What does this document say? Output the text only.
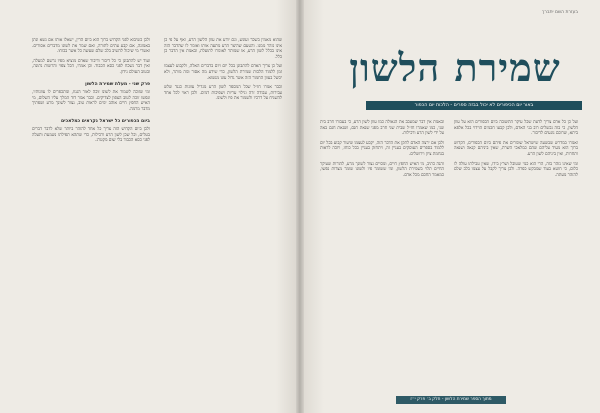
שהוא מאמין בשכר ועונש, וגם יודע את עוון הלשון הרע, ואף על פי כן אינו נזהר ממנו. והטעם שהיצר הרע מתעה אותו ואומר לו שהדבר הזה אינו בכלל לשון הרע, או שמותר לאומרו לתועלת, ובאמת אין הדבר כן כלל.

ועל כן צריך האדם להתבונן בכל יום ויום בדברים האלה, ולקבוע לעצמו זמן ללמוד הלכות שמירת הלשון, כדי שידע מה אסור ומה מותר, ולא יכשל בעוון החמור הזה אשר גדול עונו מנשוא.

וכבר אמרו חז״ל שכל המספר לשון הרע מגדיל עוונות כנגד שלש עבירות, עבודה זרה וגילוי עריות ושפיכות דמים. ולכן ראוי לכל אחד להשגיח על דרכיו ולשמור את פיו ולשונו.

ולכן כשיבוא לפני הקדוש ברוך הוא ביום הדין, ישאלו אותו אם נשא ונתן באמונה, אם קבע עתים לתורה, ואם שמר את לשונו מדברים אסורים. ואשרי מי שיכול להשיב בלב שלם שעשה כל אשר בכוחו.

ועוד יש להתבונן כי כל דיבור ודיבור שאדם מוציא מפיו נרשם למעלה, ואין דבר נשכח לפני כסא הכבוד. וכן אמרו, הכל צפוי והרשות נתונה, ובטוב העולם נידון.

פרק שני - מעלת שמירת הלשון

ומי שזוכה לשמור את לשונו זוכה לאור הגנוז, ומתכפרים לו עוונותיו, ונפשו זוכה לטוב הצפון לצדיקים. וכבר אמר דוד המלך עליו השלום, מי האיש החפץ חיים אוהב ימים לראות טוב, נצור לשונך מרע ושפתיך מדבר מרמה.

ביום הכפורים כל ישראל נקראים כמלאכים

ולכן ביום הקדוש הזה צריך כל אחד להזהר ביותר שלא לדבר דברים בטלים, וכל שכן לשון הרע ורכילות, כדי שתהא תפילתו נשמעת ותעלה לפני כסא הכבוד בלי שום מקטרג.

בעזרת השם יתברך
שמירת הלשון
באור יום הכיפורים לא יכול בבזה ספרים - הלכות יום הכפור

ובאמת אין דבר שמעכב את הגאולה כמו עוון לשון הרע, כי בעבורו חרב בית שני, כמו שאמרו חז״ל שבית שני חרב מפני שנאת חנם, ושנאת חנם באה על ידי לשון הרע ורכילות.

ולכן אם ירצה האדם לתקן את הדבר הזה, יקבע לעצמו שיעור קבוע בכל יום ללמוד בספרים העוסקים בעניין זה, ויתחזק בעניין בכל כוחו, ויזכה לראות בנחמת ציון וירושלים.

והנה כתיב, מי האיש החפץ חיים, ומסיים נצור לשונך מרע, להורות שעיקר החיים תלוי בשמירת הלשון, ומי ששומר פיו ולשונו שומר מצרות נפשו, כמאמר החכם מכל אדם.

ועל כן כל אדם צריך לדעת שכל עיקר התשובה ביום הכפורים הוא על עוון הלשון, כי בזה נכשלים רוב בני האדם, ולכן קבעו חכמים הוידוי בכל אלפא ביתא, שרובם נוגעים לדיבור.

ואמרו במדרש שבשעה שישראל שומרים את פיהם ביום הכפורים, הקדוש ברוך הוא מעיד עליהם שהם כמלאכי השרת, שאין ביניהם קנאה ושנאה ותחרות, ואין ביניהם לשון הרע.

ומי שאינו נזהר בזה, הרי הוא כמי שטובל ושרץ בידו, שאין טבילתו עולה לו כלום, כי חוטא בעוד שמבקש כפרה. ולכן צריך לקבל על עצמו בלב שלם להזהר מעתה.

מתוך הספר שמירת הלשון - חלק ב׳ פרק י״ז
